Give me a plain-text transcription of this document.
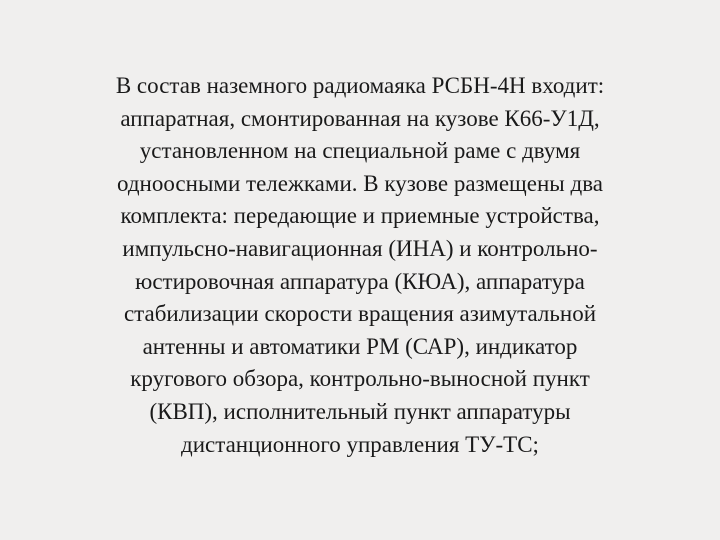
В состав наземного радиомаяка РСБН-4Н входит:
аппаратная, смонтированная на кузове К66-У1Д,
установленном на специальной раме с двумя
одноосными тележками. В кузове размещены два
комплекта: передающие и приемные устройства,
импульсно-навигационная (ИНА) и контрольно-
юстировочная аппаратура (КЮА), аппаратура
стабилизации скорости вращения азимутальной
антенны и автоматики РМ (САР), индикатор
кругового обзора, контрольно-выносной пункт
(КВП), исполнительный пункт аппаратуры
дистанционного управления ТУ-ТС;
